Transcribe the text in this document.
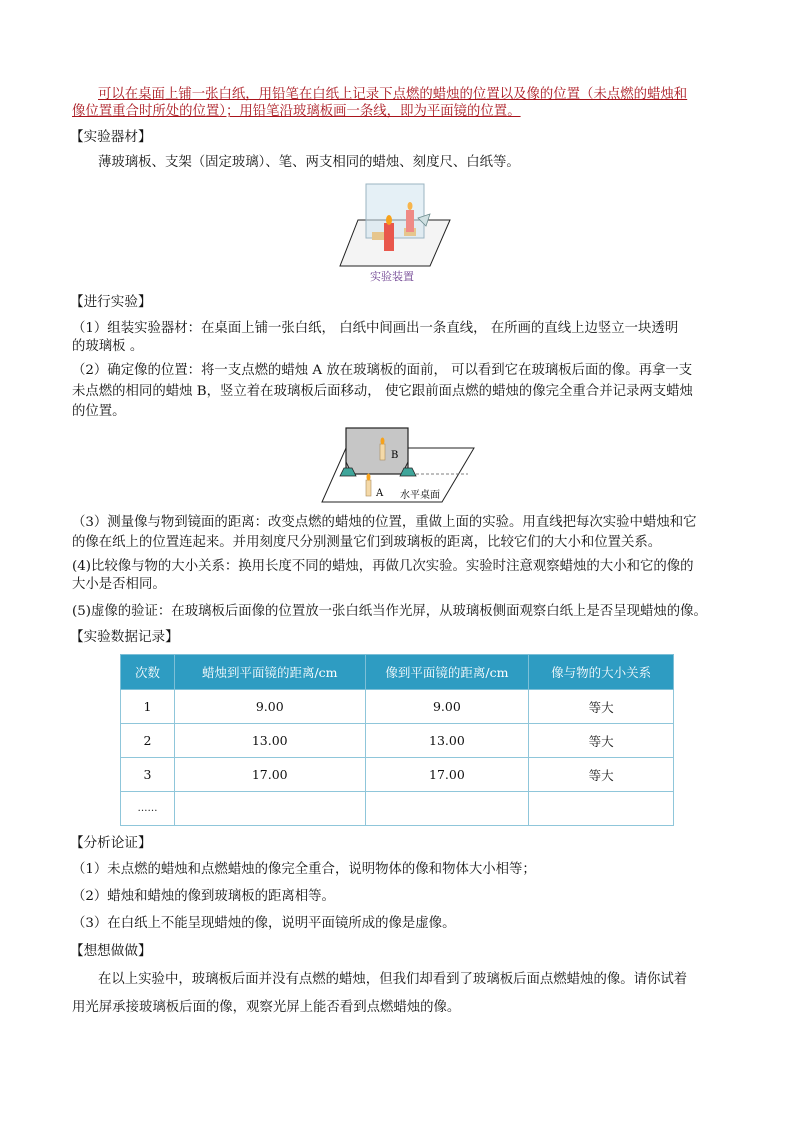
可以在桌面上铺一张白纸，用铅笔在白纸上记录下点燃的蜡烛的位置以及像的位置（未点燃的蜡烛和
像位置重合时所处的位置）；用铅笔沿玻璃板画一条线，即为平面镜的位置。
【实验器材】
薄玻璃板、支架（固定玻璃）、笔、两支相同的蜡烛、刻度尺、白纸等。
实验装置
【进行实验】
（1）组装实验器材：在桌面上铺一张白纸， 白纸中间画出一条直线， 在所画的直线上边竖立一块透明
的玻璃板 。
（2）确定像的位置：将一支点燃的蜡烛 A 放在玻璃板的面前， 可以看到它在玻璃板后面的像。再拿一支
未点燃的相同的蜡烛 B，竖立着在玻璃板后面移动， 使它跟前面点燃的蜡烛的像完全重合并记录两支蜡烛
的位置。
B
A 水平桌面
（3）测量像与物到镜面的距离：改变点燃的蜡烛的位置，重做上面的实验。用直线把每次实验中蜡烛和它
的像在纸上的位置连起来。并用刻度尺分别测量它们到玻璃板的距离，比较它们的大小和位置关系。
(4)比较像与物的大小关系：换用长度不同的蜡烛，再做几次实验。实验时注意观察蜡烛的大小和它的像的
大小是否相同。
(5)虚像的验证：在玻璃板后面像的位置放一张白纸当作光屏，从玻璃板侧面观察白纸上是否呈现蜡烛的像。
【实验数据记录】
次数	蜡烛到平面镜的距离/cm	像到平面镜的距离/cm	像与物的大小关系
1	9.00	9.00	等大
2	13.00	13.00	等大
3	17.00	17.00	等大
……			
【分析论证】
（1）未点燃的蜡烛和点燃蜡烛的像完全重合，说明物体的像和物体大小相等；
（2）蜡烛和蜡烛的像到玻璃板的距离相等。
（3）在白纸上不能呈现蜡烛的像，说明平面镜所成的像是虚像。
【想想做做】
在以上实验中，玻璃板后面并没有点燃的蜡烛，但我们却看到了玻璃板后面点燃蜡烛的像。请你试着
用光屏承接玻璃板后面的像，观察光屏上能否看到点燃蜡烛的像。
